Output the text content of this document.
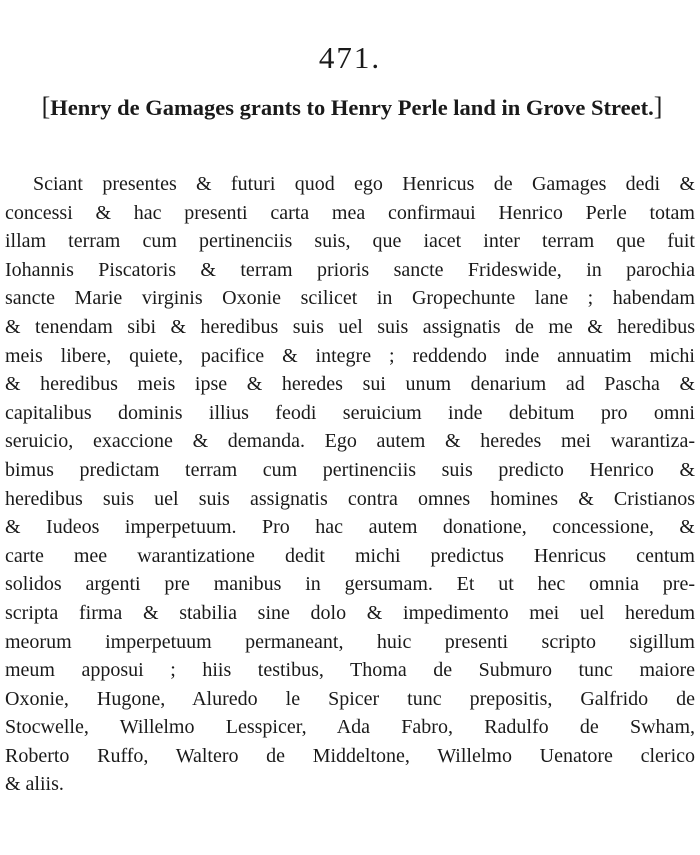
471.
[Henry de Gamages grants to Henry Perle land in Grove Street.]
Sciant presentes & futuri quod ego Henricus de Gamages dedi &
concessi & hac presenti carta mea confirmaui Henrico Perle totam
illam terram cum pertinenciis suis, que iacet inter terram que fuit
Iohannis Piscatoris & terram prioris sancte Frideswide, in parochia
sancte Marie virginis Oxonie scilicet in Gropechunte lane ; habendam
& tenendam sibi & heredibus suis uel suis assignatis de me & heredibus
meis libere, quiete, pacifice & integre ; reddendo inde annuatim michi
& heredibus meis ipse & heredes sui unum denarium ad Pascha &
capitalibus dominis illius feodi seruicium inde debitum pro omni
seruicio, exaccione & demanda. Ego autem & heredes mei warantiza-
bimus predictam terram cum pertinenciis suis predicto Henrico &
heredibus suis uel suis assignatis contra omnes homines & Cristianos
& Iudeos imperpetuum. Pro hac autem donatione, concessione, &
carte mee warantizatione dedit michi predictus Henricus centum
solidos argenti pre manibus in gersumam. Et ut hec omnia pre-
scripta firma & stabilia sine dolo & impedimento mei uel heredum
meorum imperpetuum permaneant, huic presenti scripto sigillum
meum apposui ; hiis testibus, Thoma de Submuro tunc maiore
Oxonie, Hugone, Aluredo le Spicer tunc prepositis, Galfrido de
Stocwelle, Willelmo Lesspicer, Ada Fabro, Radulfo de Swham,
Roberto Ruffo, Waltero de Middeltone, Willelmo Uenatore clerico
& aliis.
